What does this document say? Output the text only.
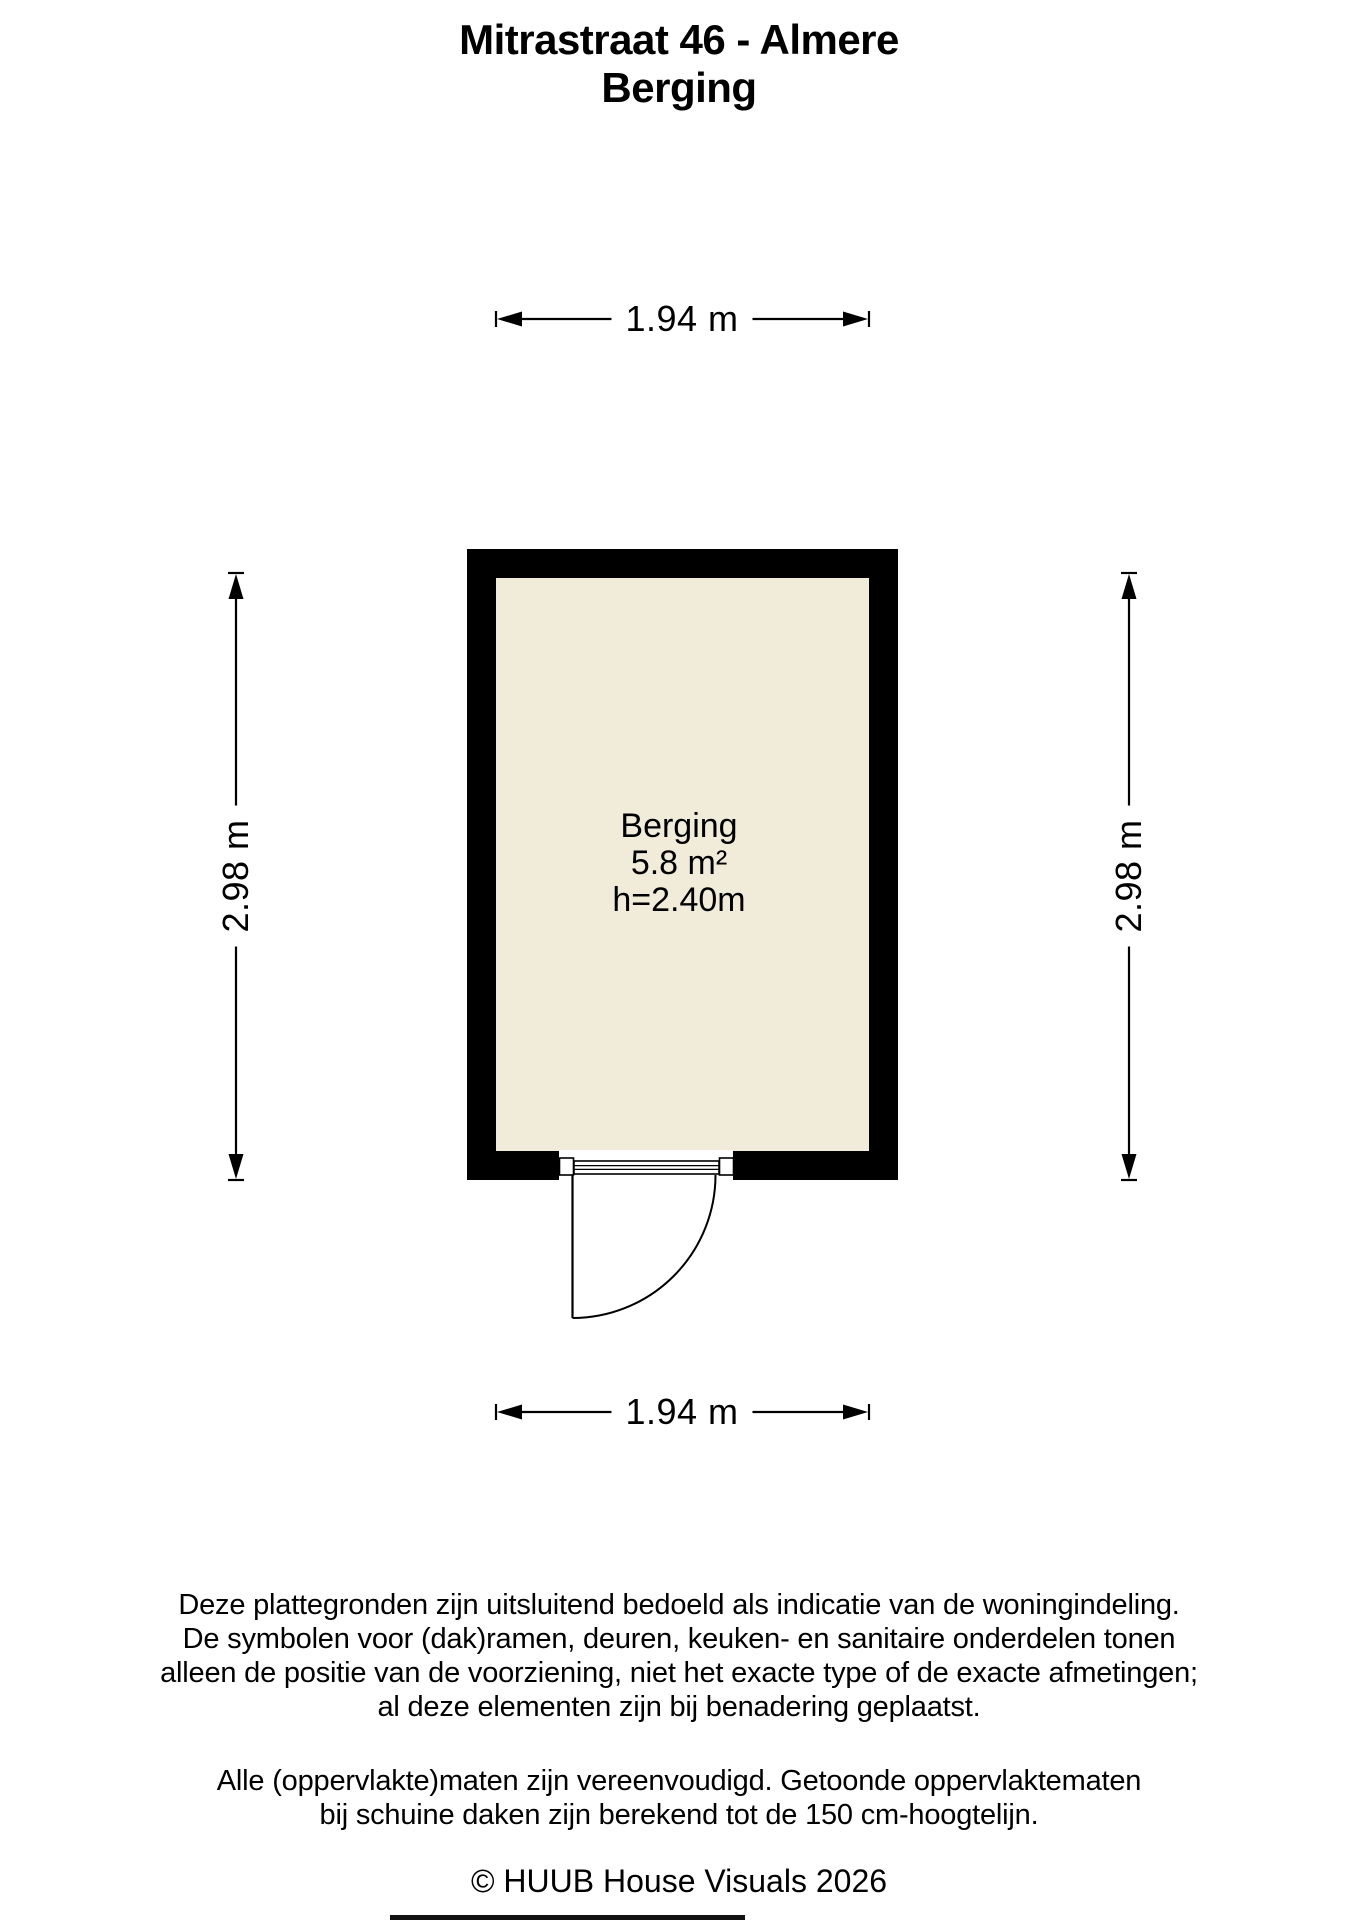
Mitrastraat 46 - Almere
Berging
1.94 m
1.94 m
2.98 m	2.98 m
Berging
5.8 m²
h=2.40m
Deze plattegronden zijn uitsluitend bedoeld als indicatie van de woningindeling.
De symbolen voor (dak)ramen, deuren, keuken- en sanitaire onderdelen tonen
alleen de positie van de voorziening, niet het exacte type of de exacte afmetingen;
al deze elementen zijn bij benadering geplaatst.
Alle (oppervlakte)maten zijn vereenvoudigd. Getoonde oppervlaktematen
bij schuine daken zijn berekend tot de 150 cm-hoogtelijn.
© HUUB House Visuals 2026
